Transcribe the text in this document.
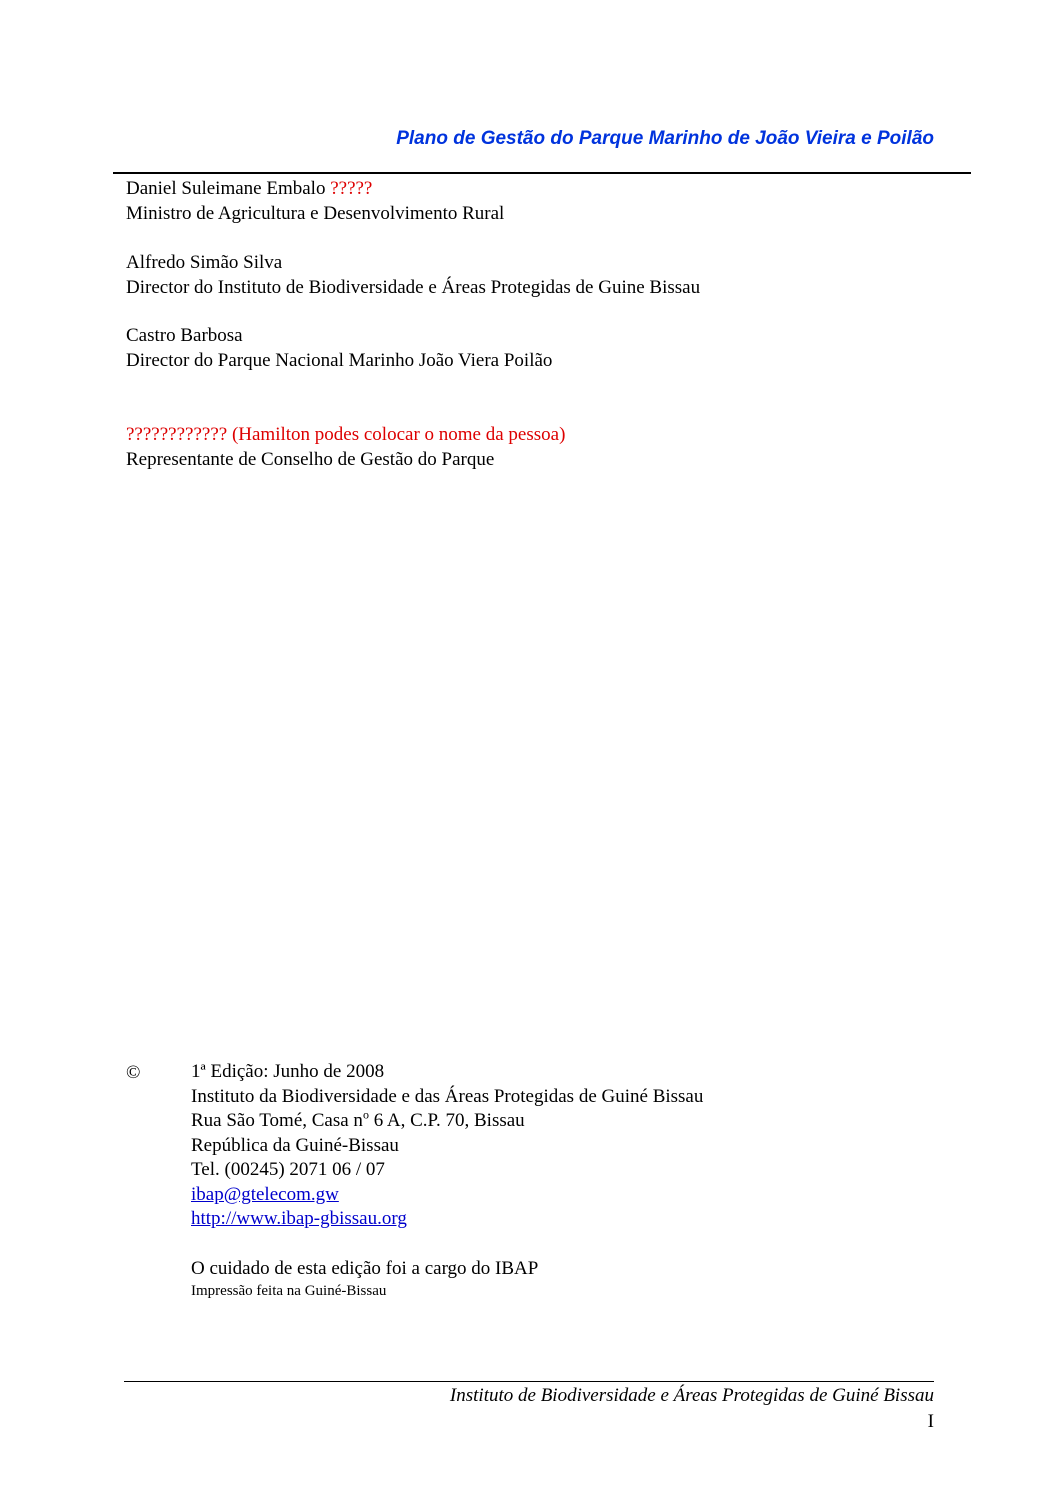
Plano de Gestão do Parque Marinho de João Vieira e Poilão
Daniel Suleimane Embalo ?????
Ministro de Agricultura e Desenvolvimento Rural
Alfredo Simão Silva
Director do Instituto de Biodiversidade e Áreas Protegidas de Guine Bissau
Castro Barbosa
Director do Parque Nacional Marinho João Viera Poilão
???????????? (Hamilton podes colocar o nome da pessoa)
Representante de Conselho de Gestão do Parque
©	1ª Edição: Junho de 2008
Instituto da Biodiversidade e das Áreas Protegidas de Guiné Bissau
Rua São Tomé, Casa $n^o$ 6 A, C.P. 70, Bissau
República da Guiné-Bissau
Tel. (00245) 2071 06 / 07
ibap@gtelecom.gw
http://www.ibap-gbissau.org
O cuidado de esta edição foi a cargo do IBAP
Impressão feita na Guiné-Bissau
Instituto de Biodiversidade e Áreas Protegidas de Guiné Bissau
I
